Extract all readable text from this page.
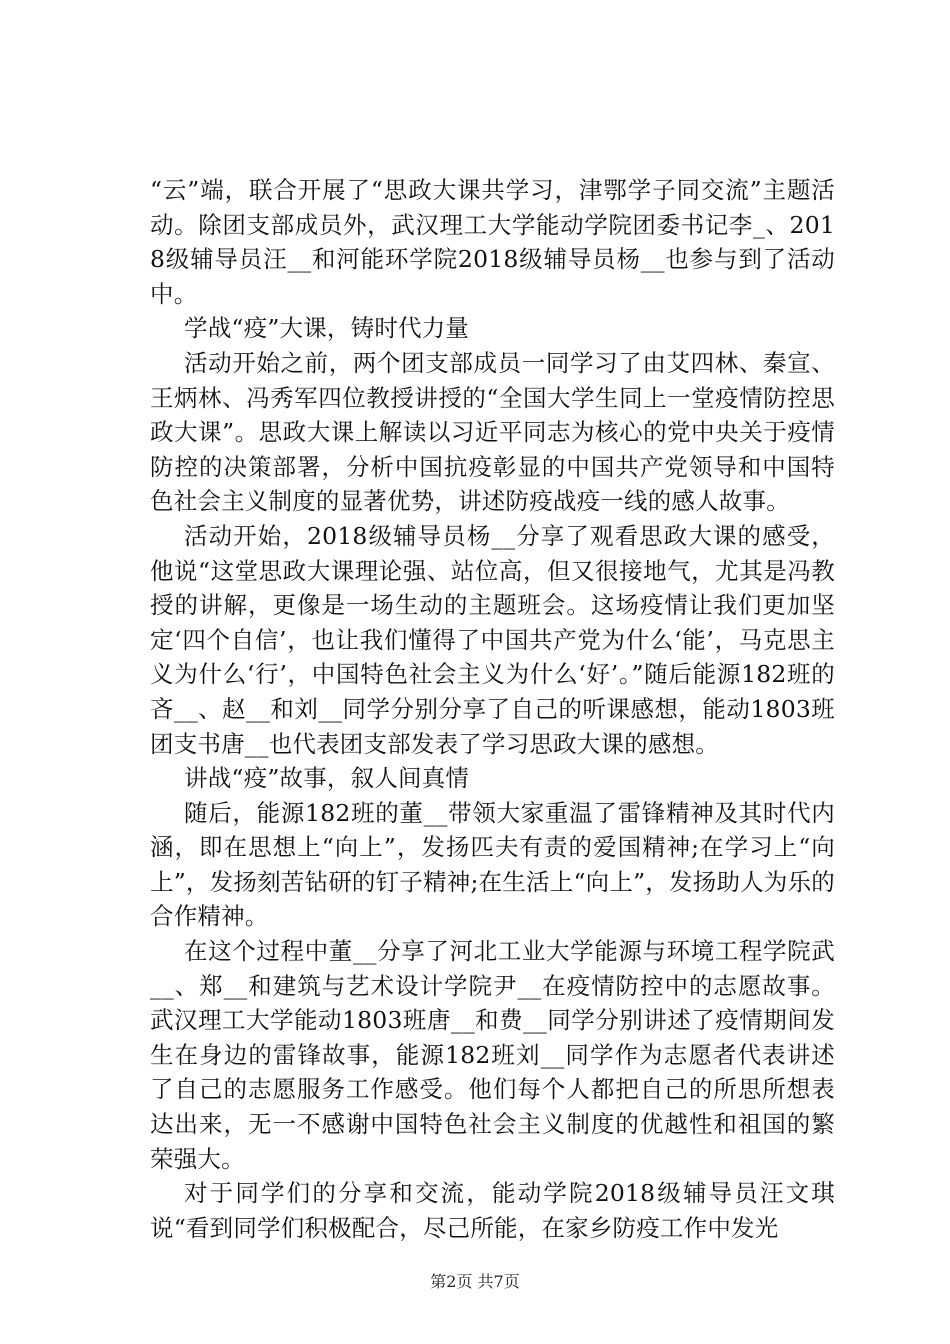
“云”端，联合开展了“思政大课共学习，津鄂学子同交流”主题活动。除团支部成员外，武汉理工大学能动学院团委书记李_、2018级辅导员汪__和河能环学院2018级辅导员杨__也参与到了活动中。

学战“疫”大课，铸时代力量

活动开始之前，两个团支部成员一同学习了由艾四林、秦宣、王炳林、冯秀军四位教授讲授的“全国大学生同上一堂疫情防控思政大课”。思政大课上解读以习近平同志为核心的党中央关于疫情防控的决策部署，分析中国抗疫彰显的中国共产党领导和中国特色社会主义制度的显著优势，讲述防疫战疫一线的感人故事。

活动开始，2018级辅导员杨__分享了观看思政大课的感受，他说“这堂思政大课理论强、站位高，但又很接地气，尤其是冯教授的讲解，更像是一场生动的主题班会。这场疫情让我们更加坚定‘四个自信’，也让我们懂得了中国共产党为什么‘能’，马克思主义为什么‘行’，中国特色社会主义为什么‘好’。”随后能源182班的吝__、赵__和刘__同学分别分享了自己的听课感想，能动1803班团支书唐__也代表团支部发表了学习思政大课的感想。

讲战“疫”故事，叙人间真情

随后，能源182班的董__带领大家重温了雷锋精神及其时代内涵，即在思想上“向上”，发扬匹夫有责的爱国精神;在学习上“向上”，发扬刻苦钻研的钉子精神;在生活上“向上”，发扬助人为乐的合作精神。

在这个过程中董__分享了河北工业大学能源与环境工程学院武__、郑__和建筑与艺术设计学院尹__在疫情防控中的志愿故事。武汉理工大学能动1803班唐__和费__同学分别讲述了疫情期间发生在身边的雷锋故事，能源182班刘__同学作为志愿者代表讲述了自己的志愿服务工作感受。他们每个人都把自己的所思所想表达出来，无一不感谢中国特色社会主义制度的优越性和祖国的繁荣强大。

对于同学们的分享和交流，能动学院2018级辅导员汪文琪说“看到同学们积极配合，尽己所能，在家乡防疫工作中发光

第2页 共7页
